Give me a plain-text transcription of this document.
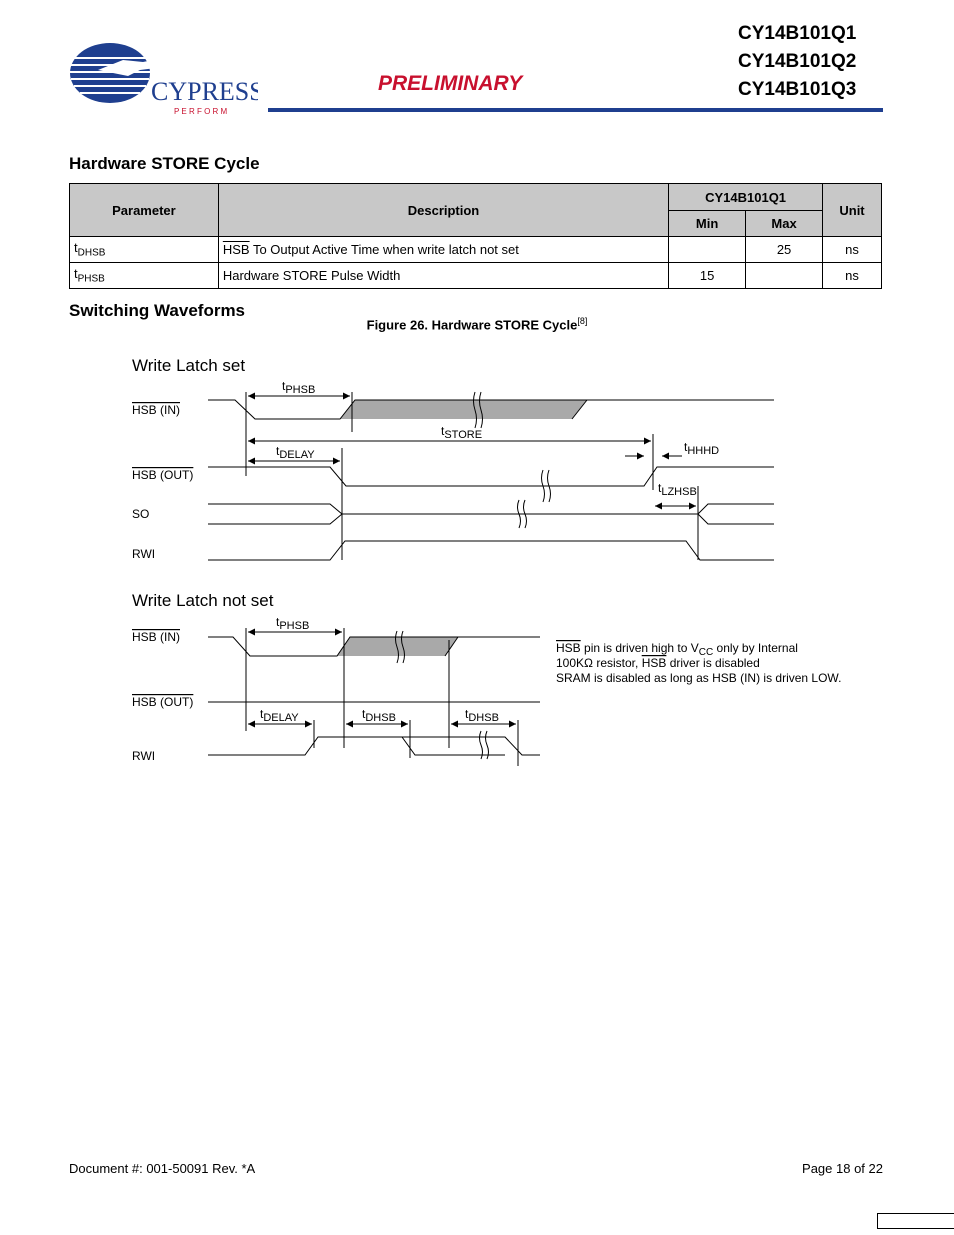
CYPRESS
P E R F O R M
PRELIMINARY
CY14B101Q1
CY14B101Q2
CY14B101Q3
Hardware STORE Cycle
Parameter	Description	CY14B101Q1		Unit
		Min	Max	
$t_{DHSB}$	$\overline{HSB}$ To Output Active Time when write latch not set		25	ns
$t_{PHSB}$	Hardware STORE Pulse Width	15		ns
Switching Waveforms
Figure 26. Hardware STORE Cycle[8]
Write Latch set
HSB (IN)
HSB (OUT)
SO
RWI
tPHSB
tSTORE
tDELAY
tHHHD
tLZHSB
Write Latch not set
HSB (IN)
HSB (OUT)
RWI
tPHSB
tDELAY	tDHSB	tDHSB
HSB pin is driven high to $V_{CC}$ only by Internal
100KΩ resistor, HSB driver is disabled
SRAM is disabled as long as HSB (IN) is driven LOW.
Document #: 001-50091 Rev. *A	Page 18 of 22
